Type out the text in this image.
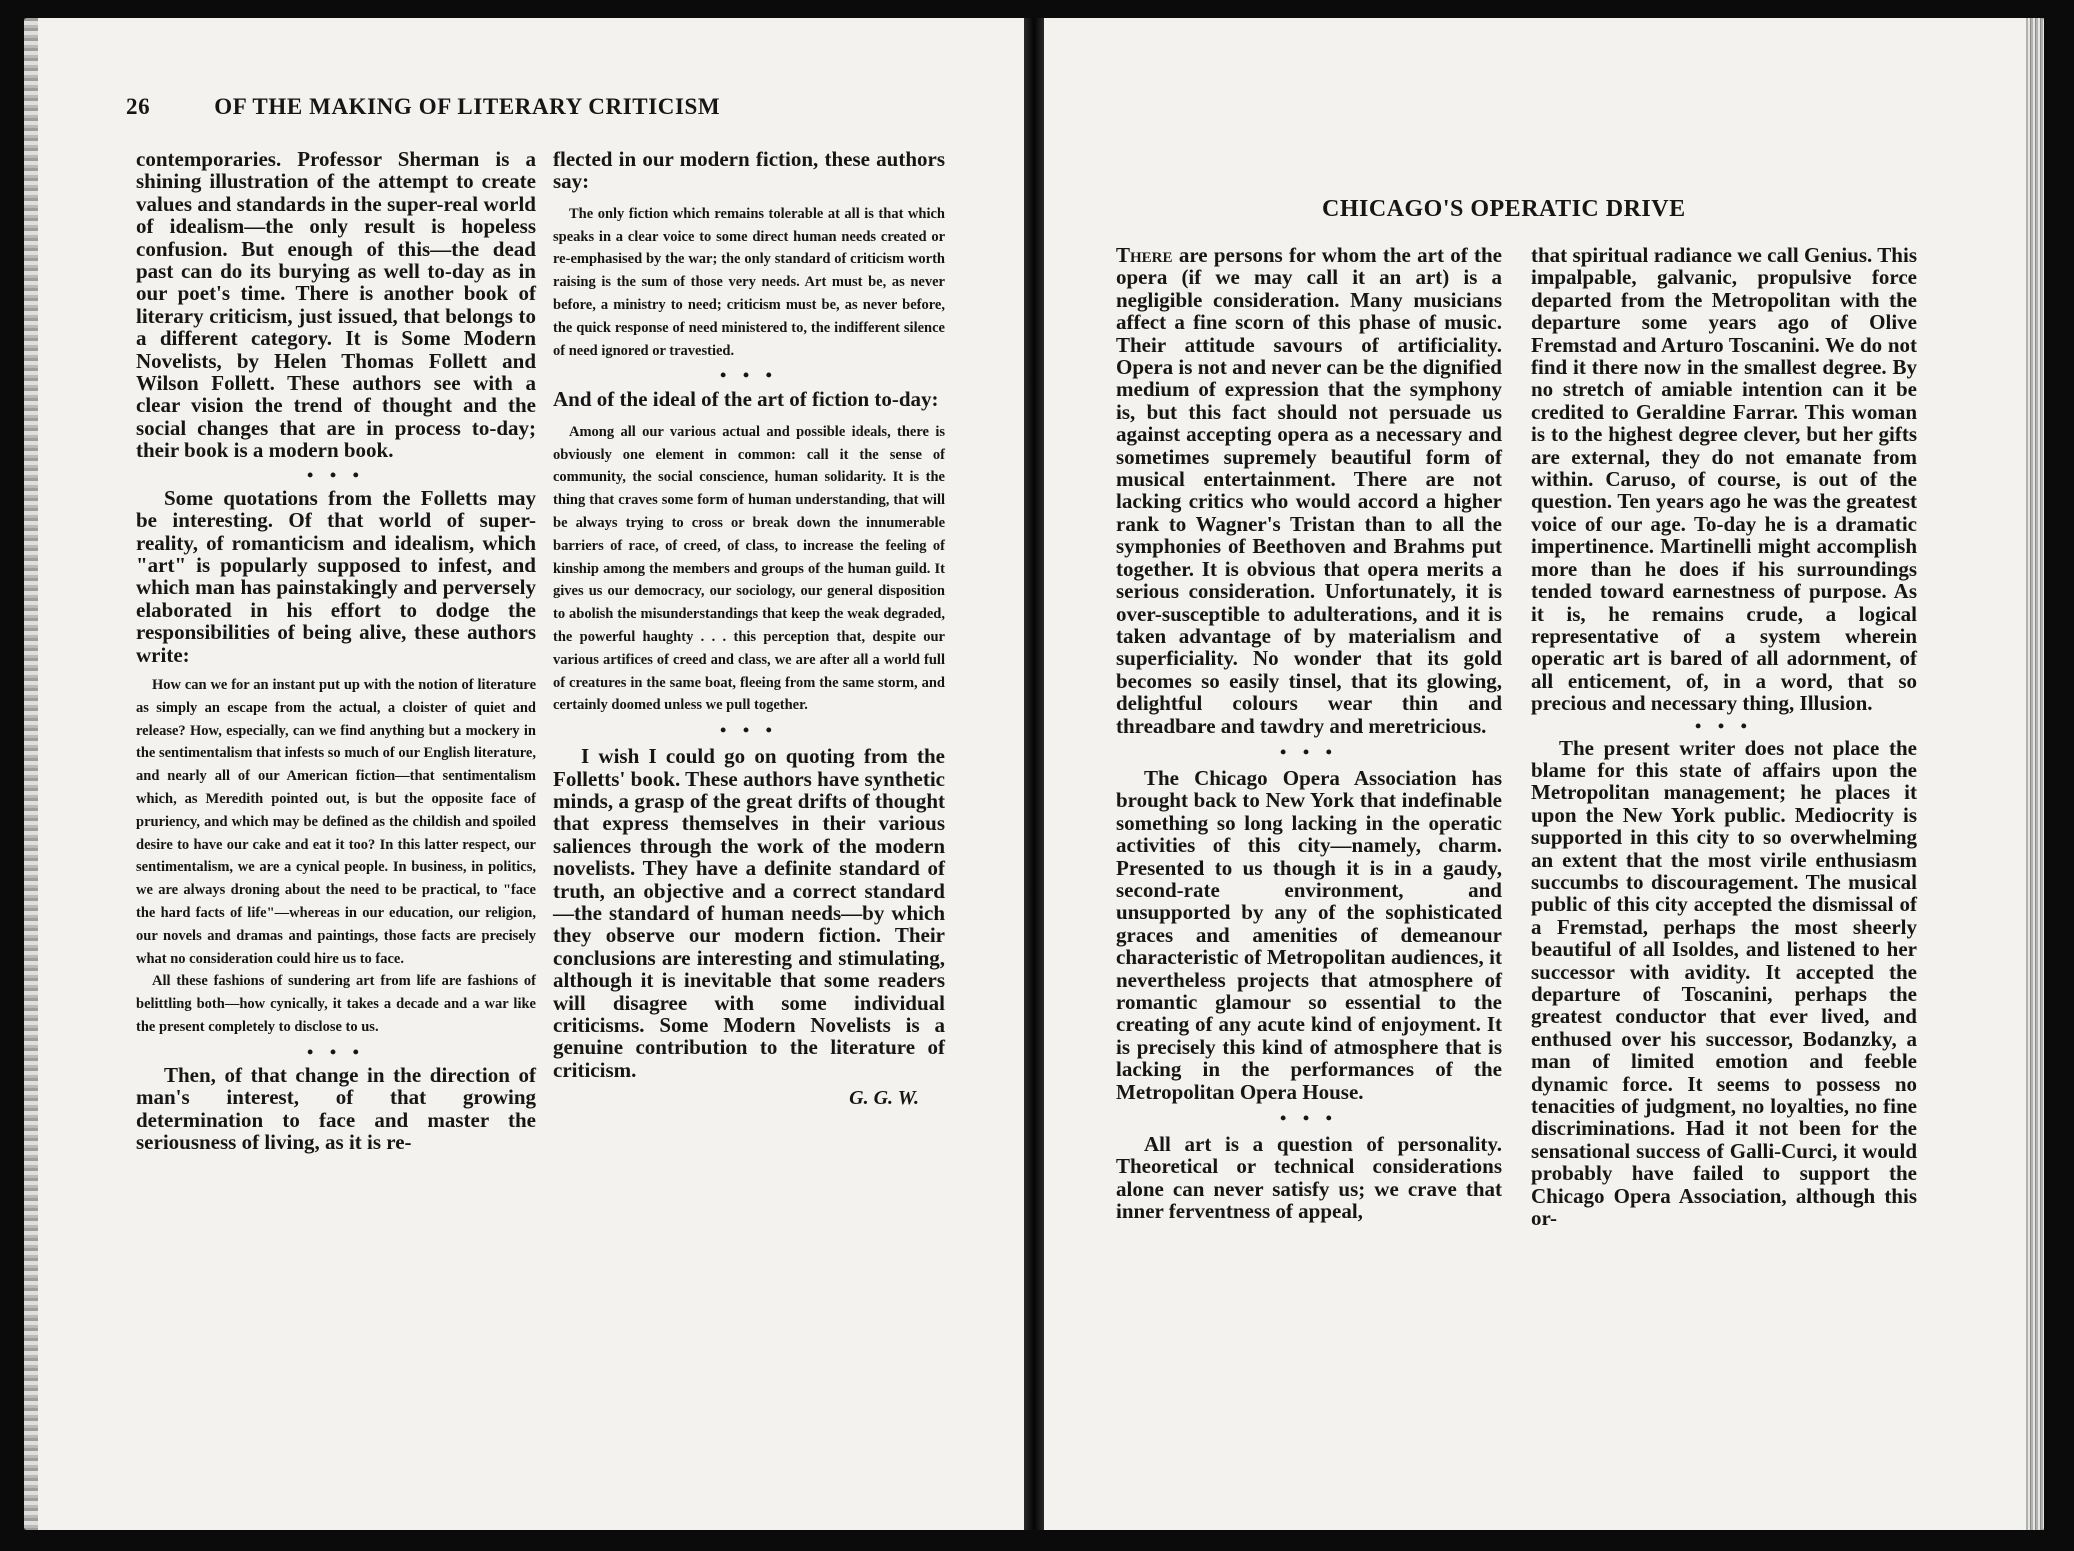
26	OF THE MAKING OF LITERARY CRITICISM

contemporaries. Professor Sherman is a shining illustration of the attempt to create values and standards in the super-real world of idealism—the only result is hopeless confusion. But enough of this—the dead past can do its burying as well to-day as in our poet's time. There is another book of literary criticism, just issued, that belongs to a different category. It is Some Modern Novelists, by Helen Thomas Follett and Wilson Follett. These authors see with a clear vision the trend of thought and the social changes that are in process to-day; their book is a modern book.

• • •

Some quotations from the Folletts may be interesting. Of that world of super-reality, of romanticism and idealism, which "art" is popularly supposed to infest, and which man has painstakingly and perversely elaborated in his effort to dodge the responsibilities of being alive, these authors write:

How can we for an instant put up with the notion of literature as simply an escape from the actual, a cloister of quiet and release? How, especially, can we find anything but a mockery in the sentimentalism that infests so much of our English literature, and nearly all of our American fiction—that sentimentalism which, as Meredith pointed out, is but the opposite face of pruriency, and which may be defined as the childish and spoiled desire to have our cake and eat it too? In this latter respect, our sentimentalism, we are a cynical people. In business, in politics, we are always droning about the need to be practical, to "face the hard facts of life"—whereas in our education, our religion, our novels and dramas and paintings, those facts are precisely what no consideration could hire us to face.

All these fashions of sundering art from life are fashions of belittling both—how cynically, it takes a decade and a war like the present completely to disclose to us.

• • •

Then, of that change in the direction of man's interest, of that growing determination to face and master the seriousness of living, as it is re-

flected in our modern fiction, these authors say:

The only fiction which remains tolerable at all is that which speaks in a clear voice to some direct human needs created or re-emphasised by the war; the only standard of criticism worth raising is the sum of those very needs. Art must be, as never before, a ministry to need; criticism must be, as never before, the quick response of need ministered to, the indifferent silence of need ignored or travestied.

• • •

And of the ideal of the art of fiction to-day:

Among all our various actual and possible ideals, there is obviously one element in common: call it the sense of community, the social conscience, human solidarity. It is the thing that craves some form of human understanding, that will be always trying to cross or break down the innumerable barriers of race, of creed, of class, to increase the feeling of kinship among the members and groups of the human guild. It gives us our democracy, our sociology, our general disposition to abolish the misunderstandings that keep the weak degraded, the powerful haughty . . . this perception that, despite our various artifices of creed and class, we are after all a world full of creatures in the same boat, fleeing from the same storm, and certainly doomed unless we pull together.

• • •

I wish I could go on quoting from the Folletts' book. These authors have synthetic minds, a grasp of the great drifts of thought that express themselves in their various saliences through the work of the modern novelists. They have a definite standard of truth, an objective and a correct standard—the standard of human needs—by which they observe our modern fiction. Their conclusions are interesting and stimulating, although it is inevitable that some readers will disagree with some individual criticisms. Some Modern Novelists is a genuine contribution to the literature of criticism.

G. G. W.
CHICAGO'S OPERATIC DRIVE

There are persons for whom the art of the opera (if we may call it an art) is a negligible consideration. Many musicians affect a fine scorn of this phase of music. Their attitude savours of artificiality. Opera is not and never can be the dignified medium of expression that the symphony is, but this fact should not persuade us against accepting opera as a necessary and sometimes supremely beautiful form of musical entertainment. There are not lacking critics who would accord a higher rank to Wagner's Tristan than to all the symphonies of Beethoven and Brahms put together. It is obvious that opera merits a serious consideration. Unfortunately, it is over-susceptible to adulterations, and it is taken advantage of by materialism and superficiality. No wonder that its gold becomes so easily tinsel, that its glowing, delightful colours wear thin and threadbare and tawdry and meretricious.

• • •

The Chicago Opera Association has brought back to New York that indefinable something so long lacking in the operatic activities of this city—namely, charm. Presented to us though it is in a gaudy, second-rate environment, and unsupported by any of the sophisticated graces and amenities of demeanour characteristic of Metropolitan audiences, it nevertheless projects that atmosphere of romantic glamour so essential to the creating of any acute kind of enjoyment. It is precisely this kind of atmosphere that is lacking in the performances of the Metropolitan Opera House.

• • •

All art is a question of personality. Theoretical or technical considerations alone can never satisfy us; we crave that inner ferventness of appeal,

that spiritual radiance we call Genius. This impalpable, galvanic, propulsive force departed from the Metropolitan with the departure some years ago of Olive Fremstad and Arturo Toscanini. We do not find it there now in the smallest degree. By no stretch of amiable intention can it be credited to Geraldine Farrar. This woman is to the highest degree clever, but her gifts are external, they do not emanate from within. Caruso, of course, is out of the question. Ten years ago he was the greatest voice of our age. To-day he is a dramatic impertinence. Martinelli might accomplish more than he does if his surroundings tended toward earnestness of purpose. As it is, he remains crude, a logical representative of a system wherein operatic art is bared of all adornment, of all enticement, of, in a word, that so precious and necessary thing, Illusion.

• • •

The present writer does not place the blame for this state of affairs upon the Metropolitan management; he places it upon the New York public. Mediocrity is supported in this city to so overwhelming an extent that the most virile enthusiasm succumbs to discouragement. The musical public of this city accepted the dismissal of a Fremstad, perhaps the most sheerly beautiful of all Isoldes, and listened to her successor with avidity. It accepted the departure of Toscanini, perhaps the greatest conductor that ever lived, and enthused over his successor, Bodanzky, a man of limited emotion and feeble dynamic force. It seems to possess no tenacities of judgment, no loyalties, no fine discriminations. Had it not been for the sensational success of Galli-Curci, it would probably have failed to support the Chicago Opera Association, although this or-
